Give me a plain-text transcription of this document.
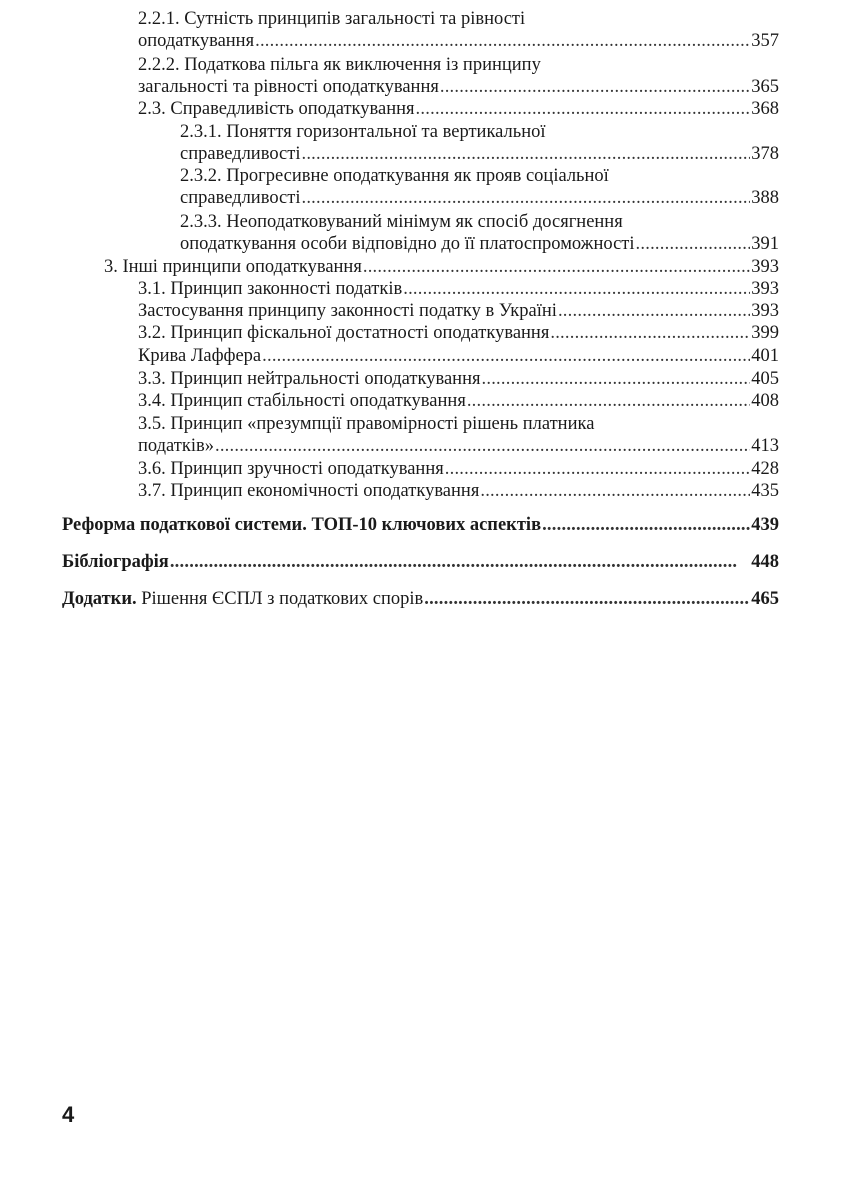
2.2.1. Сутність принципів загальності та рівності
оподаткування . . .	357
2.2.2. Податкова пільга як виключення із принципу
загальності та рівності оподаткування . . .	365
2.3. Справедливість оподаткування . . .	368
2.3.1. Поняття горизонтальної та вертикальної
справедливості . . .	378
2.3.2. Прогресивне оподаткування як прояв соціальної
справедливості . . .	388
2.3.3. Неоподатковуваний мінімум як спосіб досягнення
оподаткування особи відповідно до її платоспроможності . . .	391
3. Інші принципи оподаткування . . .	393
3.1. Принцип законності податків . . .	393
Застосування принципу законності податку в Україні . . .	393
3.2. Принцип фіскальної достатності оподаткування . . .	399
Крива Лаффера . . .	401
3.3. Принцип нейтральності оподаткування . . .	405
3.4. Принцип стабільності оподаткування . . .	408
3.5. Принцип «презумпції правомірності рішень платника
податків» . . .	413
3.6. Принцип зручності оподаткування . . .	428
3.7. Принцип економічності оподаткування . . .	435
Реформа податкової системи. ТОП-10 ключових аспектів . . .	439
Бібліографія . . .	448
Додатки. Рішення ЄСПЛ з податкових спорів . . .	465
4
